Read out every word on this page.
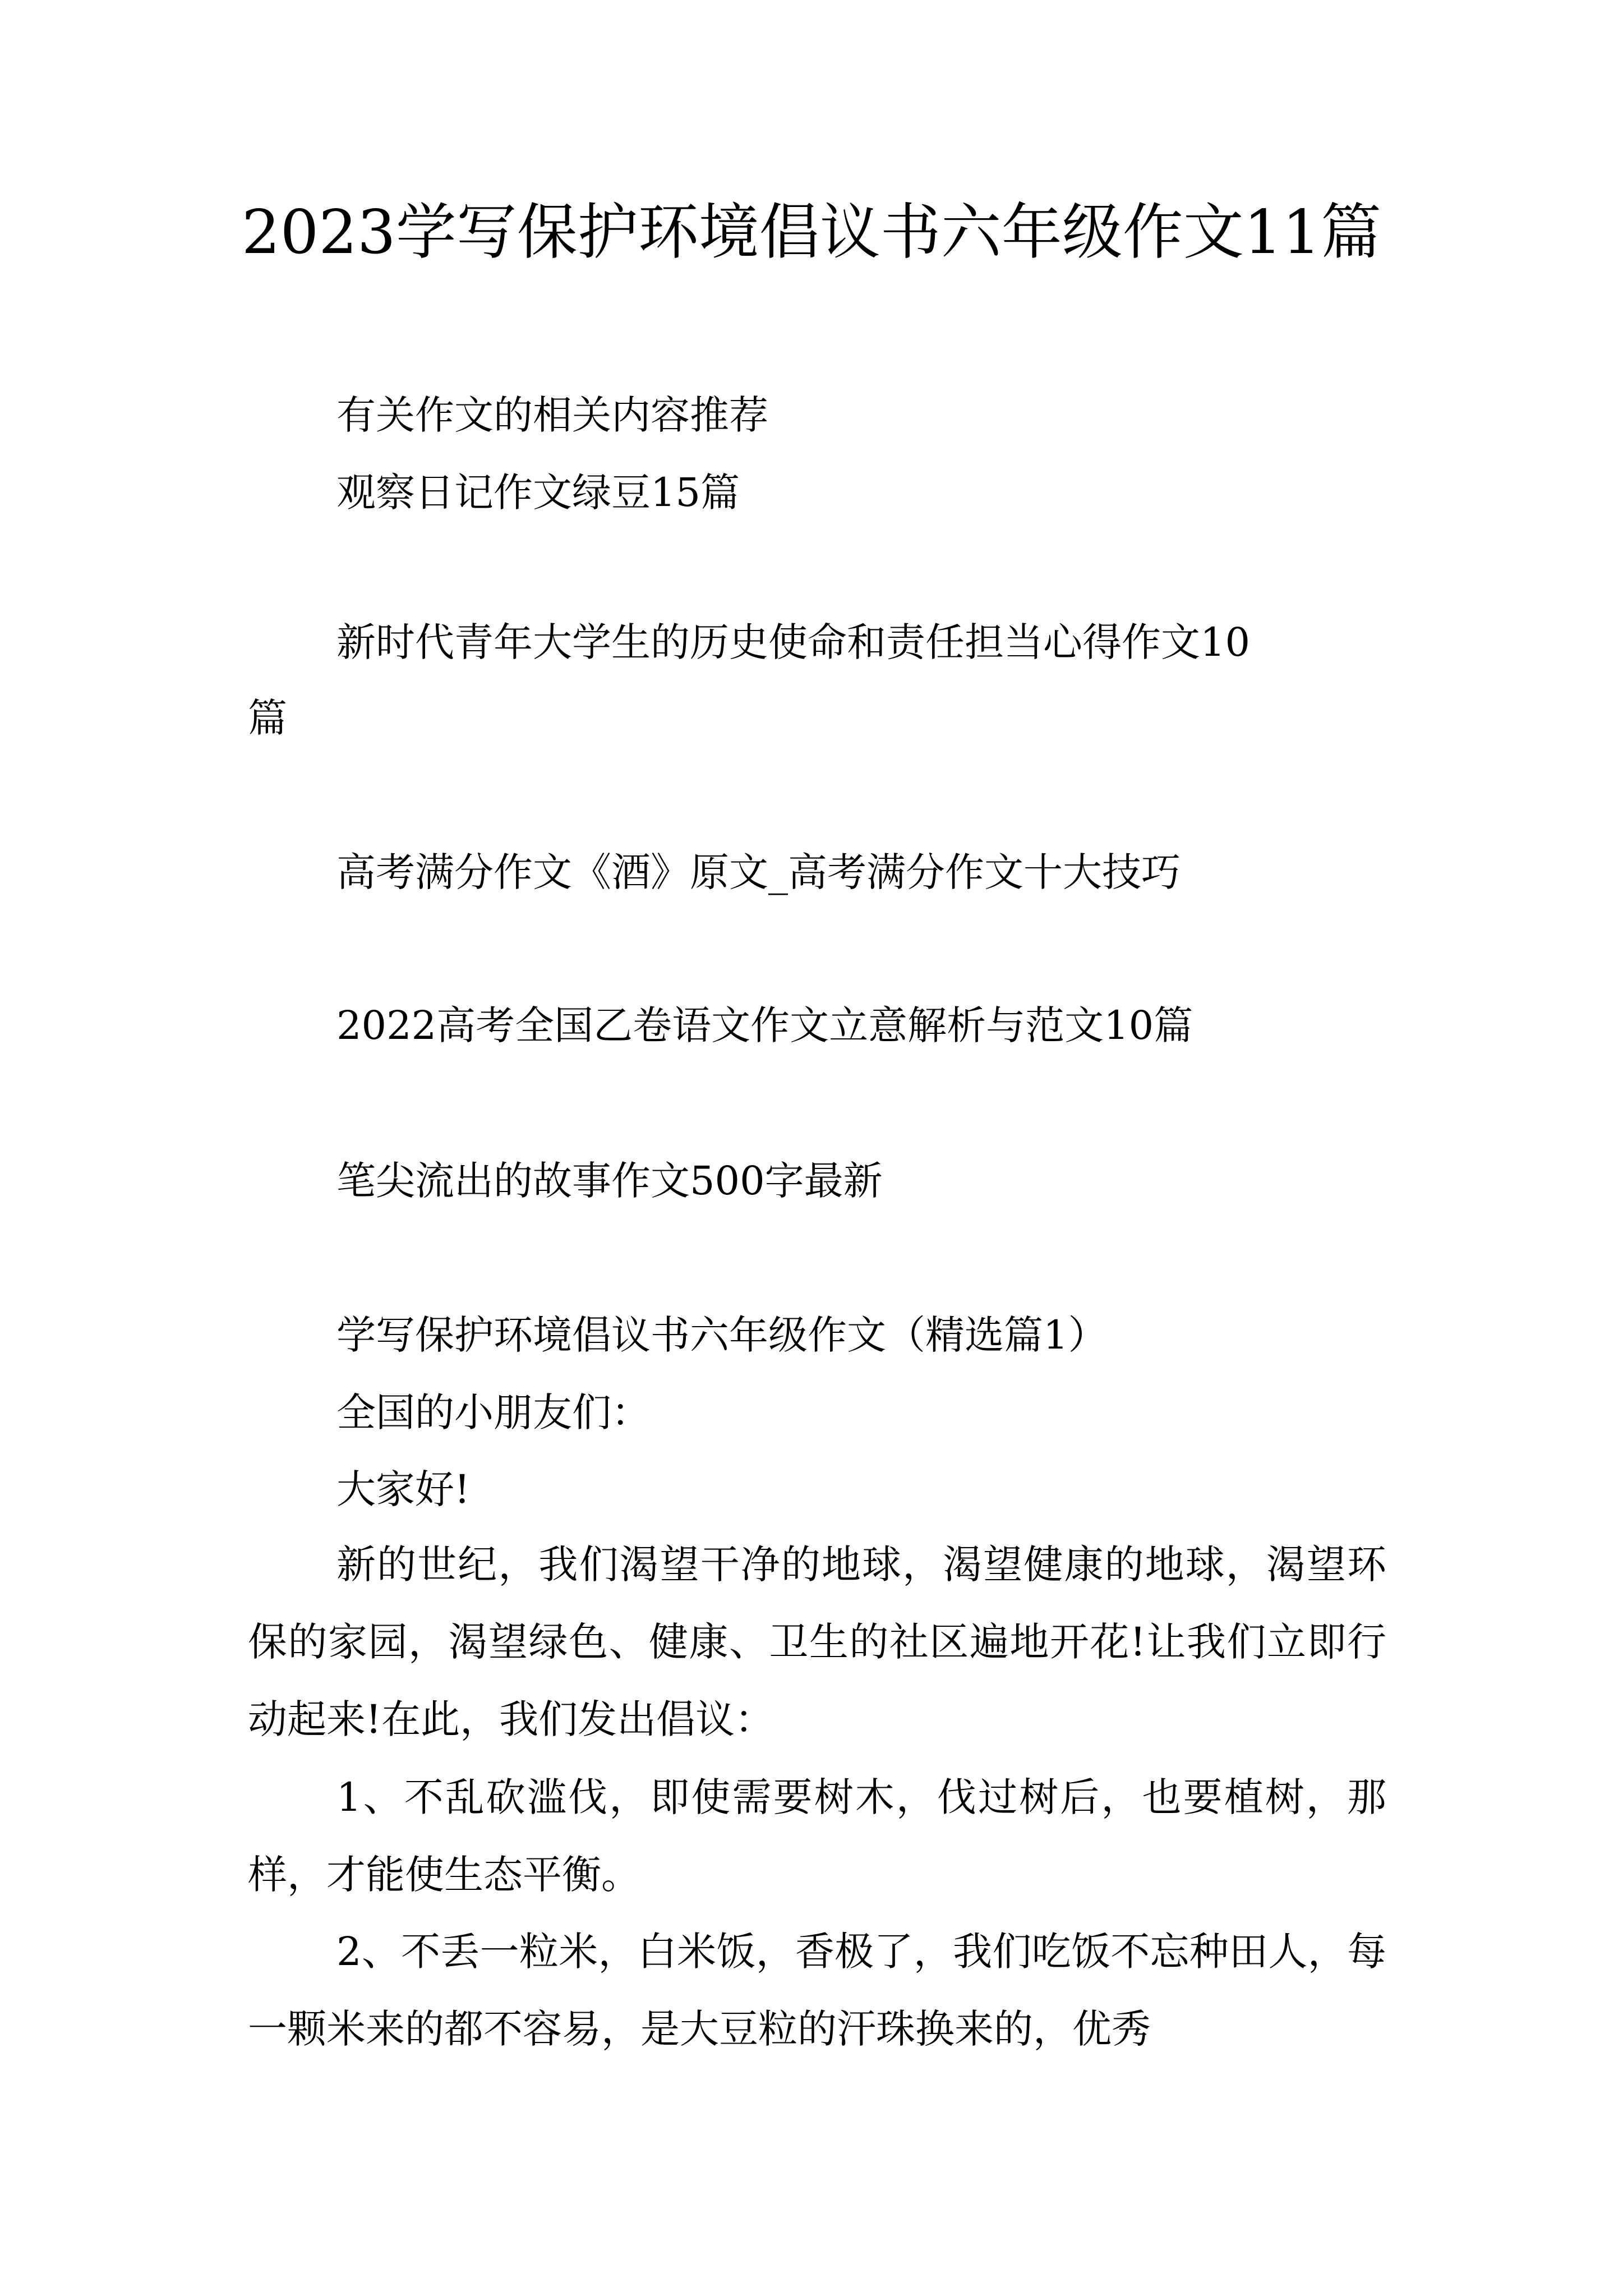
2023学写保护环境倡议书六年级作文11篇

有关作文的相关内容推荐

观察日记作文绿豆15篇

新时代青年大学生的历史使命和责任担当心得作文10

篇

高考满分作文《酒》原文_高考满分作文十大技巧

2022高考全国乙卷语文作文立意解析与范文10篇

笔尖流出的故事作文500字最新

学写保护环境倡议书六年级作文（精选篇1）

全国的小朋友们：

大家好!

新的世纪，我们渴望干净的地球，渴望健康的地球，渴望环保的家园，渴望绿色、健康、卫生的社区遍地开花!让我们立即行动起来!在此，我们发出倡议：

1、不乱砍滥伐，即使需要树木，伐过树后，也要植树，那样，才能使生态平衡。

2、不丢一粒米，白米饭，香极了，我们吃饭不忘种田人，每一颗米来的都不容易，是大豆粒的汗珠换来的，优秀
